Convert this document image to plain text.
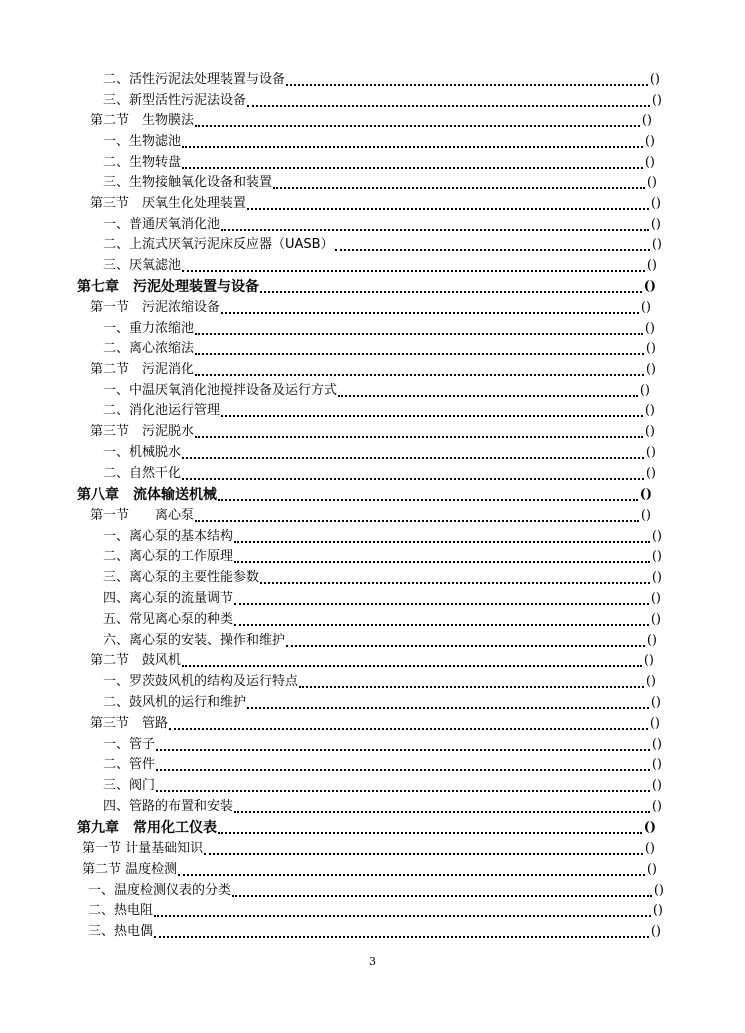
二、活性污泥法处理装置与设备	()
三、新型活性污泥法设备	()
第二节　生物膜法	()
一、生物滤池	()
二、生物转盘	()
三、生物接触氧化设备和装置	()
第三节　厌氧生化处理装置	()
一、普通厌氧消化池	()
二、上流式厌氧污泥床反应器（UASB）	()
三、厌氧滤池	()
第七章　污泥处理装置与设备	()
第一节　污泥浓缩设备	()
一、重力浓缩池	()
二、离心浓缩法	()
第二节　污泥消化	()
一、中温厌氧消化池搅拌设备及运行方式	()
二、消化池运行管理	()
第三节　污泥脱水	()
一、机械脱水	()
二、自然干化	()
第八章　流体输送机械	()
第一节　　离心泵	()
一、离心泵的基本结构	()
二、离心泵的工作原理	()
三、离心泵的主要性能参数	()
四、离心泵的流量调节	()
五、常见离心泵的种类	()
六、离心泵的安装、操作和维护	()
第二节　鼓风机	()
一、罗茨鼓风机的结构及运行特点	()
二、鼓风机的运行和维护	()
第三节　管路	()
一、管子	()
二、管件	()
三、阀门	()
四、管路的布置和安装	()
第九章　常用化工仪表	()
第一节 计量基础知识	()
第二节 温度检测	()
一、温度检测仪表的分类	()
二、热电阻	()
三、热电偶	()
3
